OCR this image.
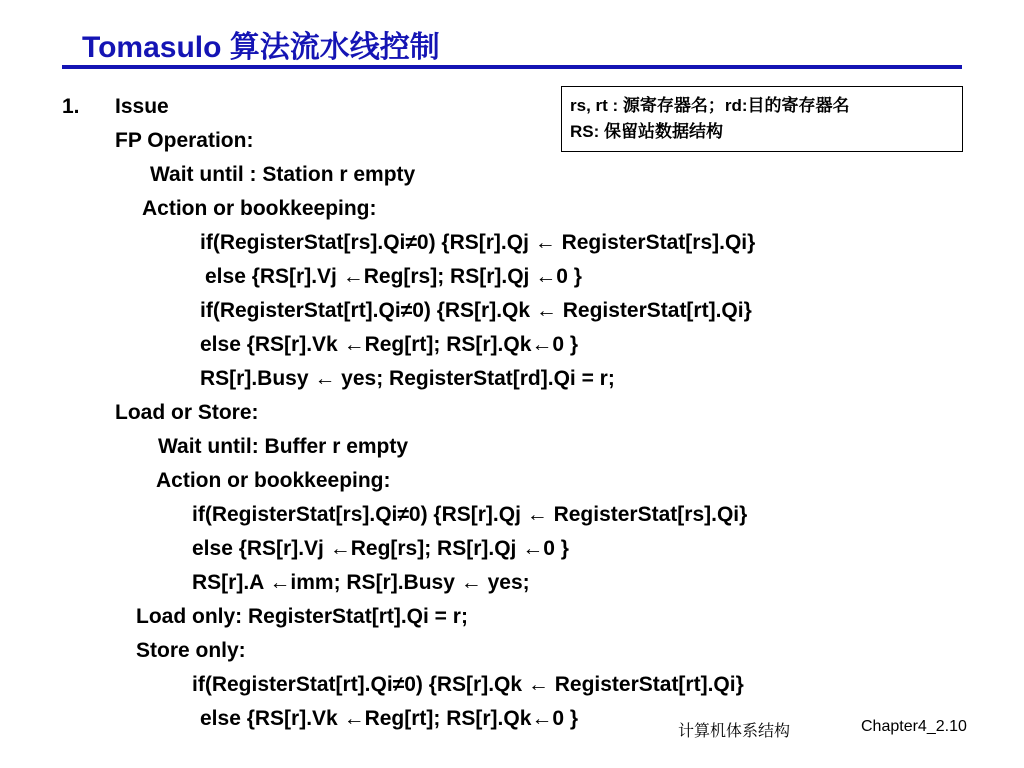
Tomasulo 算法流水线控制
rs, rt : 源寄存器名；rd:目的寄存器名
RS: 保留站数据结构
1. Issue
FP Operation:
Wait until : Station r empty
Action or bookkeeping:
if(RegisterStat[rs].Qi≠0) {RS[r].Qj ← RegisterStat[rs].Qi}
else {RS[r].Vj ←Reg[rs]; RS[r].Qj ←0 }
if(RegisterStat[rt].Qi≠0) {RS[r].Qk ← RegisterStat[rt].Qi}
else {RS[r].Vk ←Reg[rt]; RS[r].Qk←0 }
RS[r].Busy ← yes; RegisterStat[rd].Qi = r;
Load or Store:
Wait until: Buffer r empty
Action or bookkeeping:
if(RegisterStat[rs].Qi≠0) {RS[r].Qj ← RegisterStat[rs].Qi}
else {RS[r].Vj ←Reg[rs]; RS[r].Qj ←0 }
RS[r].A ←imm; RS[r].Busy ← yes;
Load only: RegisterStat[rt].Qi = r;
Store only:
if(RegisterStat[rt].Qi≠0) {RS[r].Qk ← RegisterStat[rt].Qi}
else {RS[r].Vk ←Reg[rt]; RS[r].Qk←0 }
计算机体系结构	Chapter4_2.10
